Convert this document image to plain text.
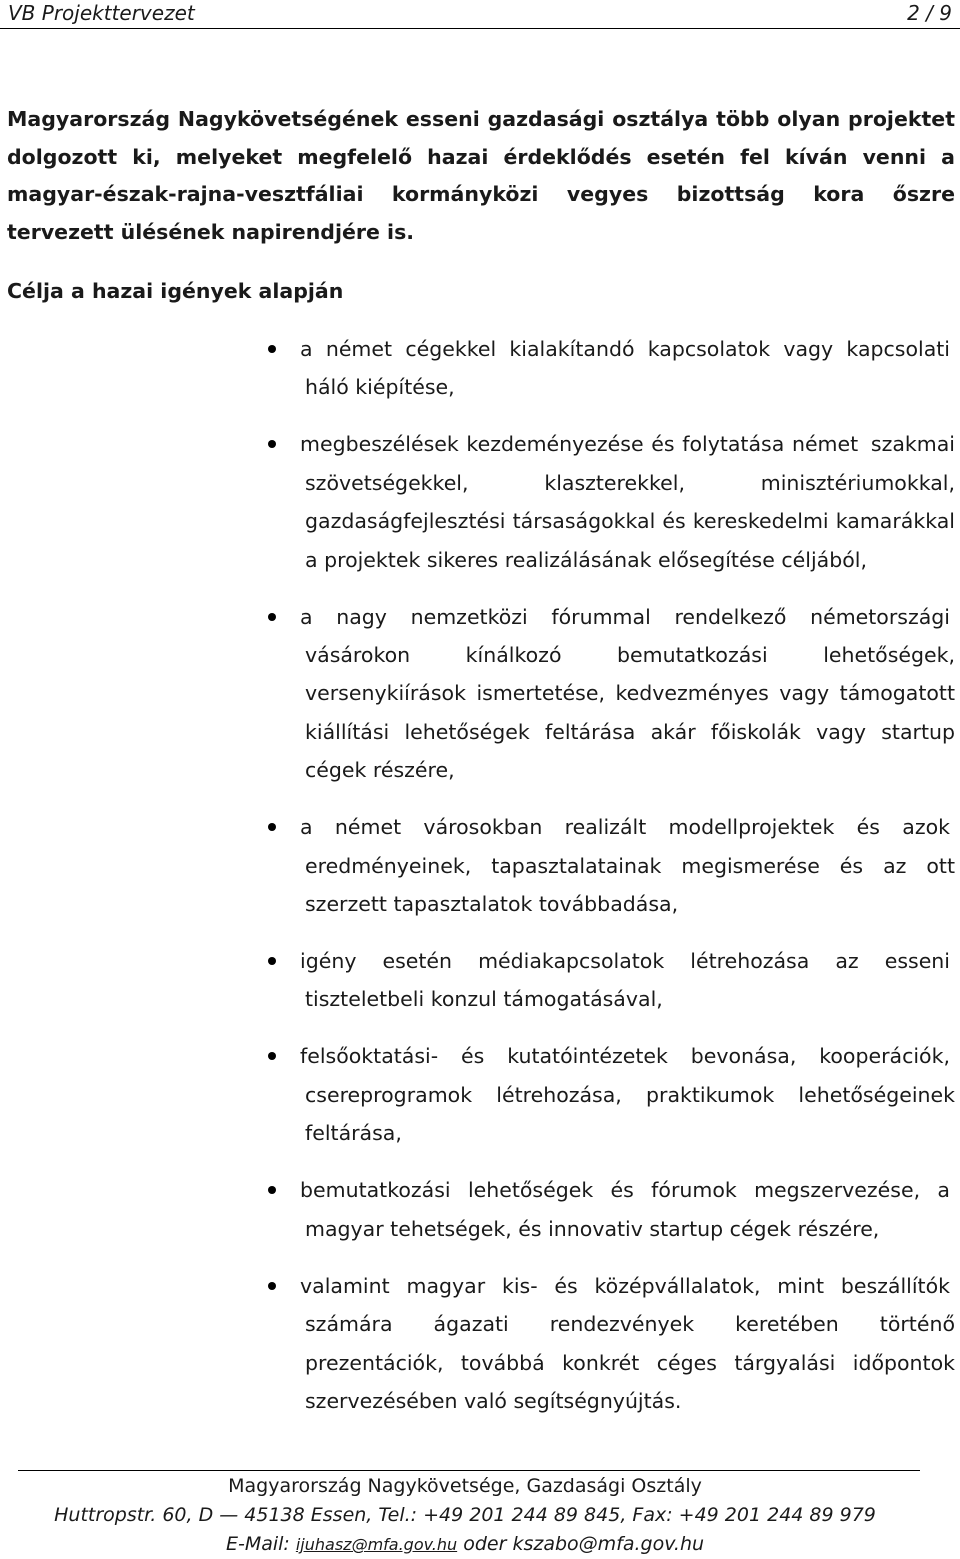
VB Projekttervezet	2 / 9

Magyarország Nagykövetségének esseni gazdasági osztálya több olyan projektet dolgozott ki, melyeket megfelelő hazai érdeklődés esetén fel kíván venni a magyar-észak-rajna-vesztfáliai kormányközi vegyes bizottság kora őszre tervezett ülésének napirendjére is.

Célja a hazai igények alapján
a német cégekkel kialakítandó kapcsolatok vagy kapcsolati háló kiépítése,
megbeszélések kezdeményezése és folytatása német szakmai szövetségekkel, klaszterekkel, minisztériumokkal, gazdaságfejlesztési társaságokkal és kereskedelmi kamarákkal a projektek sikeres realizálásának elősegítése céljából,
a nagy nemzetközi fórummal rendelkező németországi vásárokon kínálkozó bemutatkozási lehetőségek, versenykiírások ismertetése, kedvezményes vagy támogatott kiállítási lehetőségek feltárása akár főiskolák vagy startup cégek részére,
a német városokban realizált modellprojektek és azok eredményeinek, tapasztalatainak megismerése és az ott szerzett tapasztalatok továbbadása,
igény esetén médiakapcsolatok létrehozása az esseni tiszteletbeli konzul támogatásával,
felsőoktatási- és kutatóintézetek bevonása, kooperációk, csereprogramok létrehozása, praktikumok lehetőségeinek feltárása,
bemutatkozási lehetőségek és fórumok megszervezése, a magyar tehetségek, és innovativ startup cégek részére,
valamint magyar kis- és középvállalatok, mint beszállítók számára ágazati rendezvények keretében történő prezentációk, továbbá konkrét céges tárgyalási időpontok szervezésében való segítségnyújtás.
Magyarország Nagykövetsége, Gazdasági Osztály
Huttropstr. 60, D — 45138 Essen, Tel.: +49 201 244 89 845, Fax: +49 201 244 89 979
E-Mail: ijuhasz@mfa.gov.hu oder kszabo@mfa.gov.hu
